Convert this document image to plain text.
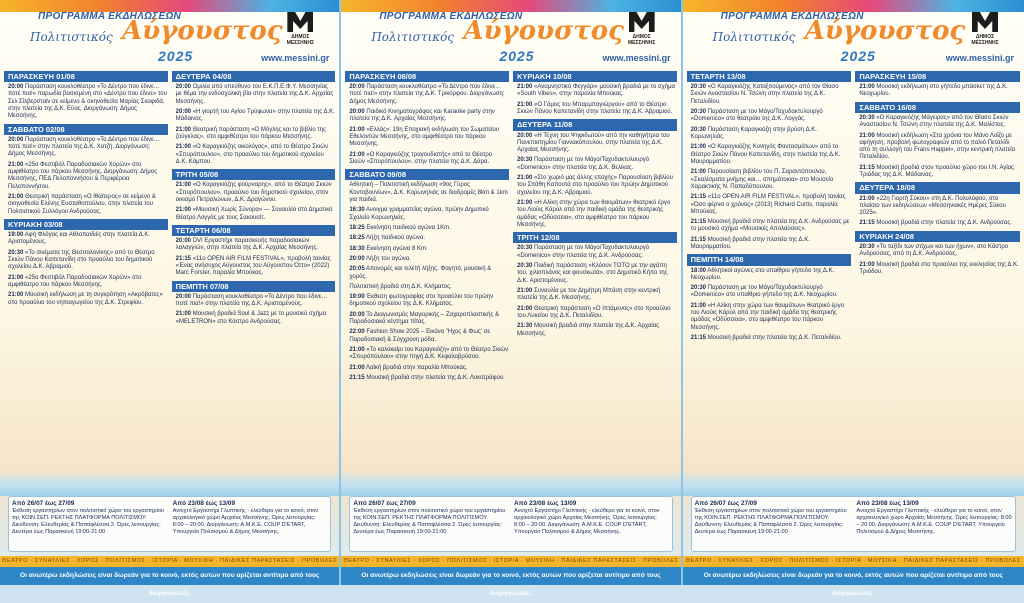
ΠΡΟΓΡΑΜΜΑ ΕΚΔΗΛΩΣΕΩΝ
Πολιτιστικός Αύγουστος
2025
ΔΗΜΟΣ ΜΕΣΣΗΝΗΣ
www.messini.gr
ΠΑΡΑΣΚΕΥΗ 01/08
20:00 Παράσταση κουκλοθέατρο «Το Δέντρο που έδινε… ποτέ πια!» παρωδία βασισμένη στο «Δέντρο που έδινε» του Σελ Σίλβερσταϊν σε κείμενο & σκηνοθεσία Μαρίας Σκαφιδά, στην πλατεία της Δ.Κ. Εύας. Διοργάνωση: Δήμος Μεσσήνης.
ΣΑΒΒΑΤΟ 02/08
20:00 Παράσταση κουκλοθέατρο «Το Δέντρο που έδινε… ποτέ πια!» στην πλατεία της Δ.Κ. Χατζή. Διοργάνωση: Δήμος Μεσσήνης.
21:00 «25ο Φεστιβάλ Παραδοσιακών Χορών» στο αμφιθέατρο του πάρκου Μεσσήνης. Διοργάνωση: Δήμος Μεσσήνης, ΠΕΔ Πελοποννήσου & Περιφέρεια Πελοποννήσου.
21:00 Θεατρική παράσταση «Ο Ιθαϊτερος» σε κείμενο & σκηνοθεσία Ελένης Ευσταθοπούλου, στην πλατεία του Πολιτιστικού Συλλόγου Ανδρούσας.
ΚΥΡΙΑΚΗ 03/08
19:00 Αφή Φλόγας και Αθλοπαιδιές στην πλατεία Δ.Κ. Αριστομένους.
20:30 «Το σινέματα της Θεσσαλονίκης» από το Θέατρο Σκιών Πάνου Καπετανίδη στο προαύλιο του δημοτικού σχολείου Δ.Κ. Αβραμιού.
21:00 «25ο Φεστιβάλ Παραδοσιακών Χορών» στο αμφιθέατρο του πάρκου Μεσσήνης.
21:00 Μουσική εκδήλωση με τη συγκρότηση «Ακρόβατες» στο προαύλιο του νηπιαγωγείου της Δ.Κ. Στρεφίου.
ΔΕΥΤΕΡΑ 04/08
20:00 Ομιλία από υπεύθυνο του Ε.Κ.Π.Ε.Φ.Υ. Μεσσηνίας με θέμα την ενδοσχολική βία στην πλατεία της Δ.Κ. Αρχαίας Μεσσήνης.
20:00 «Η γιορτή του Αγίου Τρύφωνα» στην πλατεία της Δ.Κ. Μάδαινας.
21:00 Θεατρική παράσταση «Ο Μόγλης και το βιβλίο της ζούγκλας», στο αμφιθέατρο του πάρκου Μεσσήνης.
21:00 «Ο Καραγκιόζης οικολόγος», από το Θέατρο Σκιών «Σπυρόπουλου», στο προαύλιο του δημοτικού σχολείου Δ.Κ. Κάμπου.
ΤΡΙΤΗ 05/08
21:00 «Ο Καραγκιόζης φούρναρης», από το Θέατρο Σκιών «Σπυρόπουλου», προαύλιο του δημοτικού σχολείου, στον οικισμό Πετραλώνων, Δ.Κ. Δραγώνου.
21:00 «Μουσική Χωρίς Σύνορα» — Συναυλία στο Δημοτικό Θέατρο Λογγάς με τους Σακουσίτ.
ΤΕΤΑΡΤΗ 06/08
20:00 DVI Εργαστήρι παρασκευής παραδοσιακών λαλαγγιών, στην πλατεία της Δ.Κ. Αρχαίας Μεσσήνης.
21:15 «11ο OPEN AIR FILM FESTIVAL», προβολή ταινίας «Ένας ανήσυχος Αύγουστος του Αύγουστου Όττο» (2022) Marc Forster, παραλία Μπούκας.
ΠΕΜΠΤΗ 07/08
20:00 Παράσταση κουκλοθέατρο «Το Δέντρο που έδινε… ποτέ πια!» στην πλατεία της Δ.Κ. Αριστομένους.
21:00 Μουσική βραδιά Soul & Jazz με το μουσικό σχήμα «MELETRON» στο Κάστρο Ανδρούσας.
Από 26/07 έως 27/09
Έκθεση εργαστηρίων στον πολιτιστικό χώρο του εργαστηρίου της ΚΟΙΝ.ΣΕΠ. ΡΕΚΤΗΣ ΠΛΑΤΦΟΡΜΑ ΠΟΛΙΤΙΣΜΟΥ. Διεύθυνση: Ελευθερίας & Παπαφλέσσα 2. Ώρες λειτουργίας: Δευτέρα έως Παρασκευή 19:00-21:00
Από 23/08 έως 13/09
Ανοιχτό Εργαστήρι Γλυπτικής - ελεύθερο για το κοινό, στον αρχαιολογικό χώρο Αρχαίας Μεσσήνης. Ώρες λειτουργίας: 8:00 – 20:00. Διοργάνωση: Α.Μ.Κ.Ε. COUP D'ETART, Υπουργείο Πολιτισμού & Δήμος Μεσσήνης.
ΘΕΑΤΡΟ · ΣΥΝΑΥΛΙΕΣ · ΧΟΡΟΣ · ΠΟΛΙΤΙΣΜΟΣ · ΙΣΤΟΡΙΑ · ΜΟΥΣΙΚΗ · ΠΑΙΔΙΚΕΣ ΠΑΡΑΣΤΑΣΕΙΣ · ΠΡΟΒΟΛΕΣ
Οι ανωτέρω εκδηλώσεις είναι δωρεάν για το κοινό, εκτός αυτών που αρίζεται αντίτιμο από τους διοργανωτές.
ΠΡΟΓΡΑΜΜΑ ΕΚΔΗΛΩΣΕΩΝ
Πολιτιστικός Αύγουστος
2025
ΔΗΜΟΣ ΜΕΣΣΗΝΗΣ
www.messini.gr
ΠΑΡΑΣΚΕΥΗ 08/08
20:00 Παράσταση κουκλοθέατρο «Το Δέντρο που έδινε… ποτέ πια!» στην πλατεία της Δ.Κ. Τρικόρφου. Διοργάνωση: Δήμος Μεσσήνης.
20:00 Παιδικό Κινηματογράφος και Karaoke party στην πλατεία της Δ.Κ. Αρχαίας Μεσσήνης.
21:00 «Ελλάς»: 19η Εποχιακή εκδήλωση του Σωματείου Εθελοντών Μεσσήνης, στο αμφιθέατρο του πάρκου Μεσσήνης.
21:00 «Ο Καραγκιόζης τραγουδιστής» από το Θέατρο Σκιών «Σπυρόπουλου», στην πλατεία της Δ.Κ. Δάρα.
ΣΑΒΒΑΤΟ 09/08
Αθλητική – Πολιτιστική εκδήλωση «9ος Γύρος Κοντοβουνίων», Δ.Κ. Κορωνηλιάς σε διαδρομές 8km & 1km για παιδιά.
16:30 Ανοιγμα γραμματείας αγώνα, πρώην Δημοτικό Σχολείο Κορωνηλιάς.
18:25 Εκκίνηση παιδικού αγώνα 1Km.
18:25 Λήξη παιδικού αγώνα.
18:30 Εκκίνηση αγώνα 8 Km.
20:00 Λήξη του αγώνα.
20:05 Απονομές και τελετή λήξης. Φαγητό, μουσική & χορός.
Πολιτιστική βραδιά στη Δ.Κ. Κλήματος.
19:00 Έκθεση φωτογραφίας στο προαύλιο του πρώην δημοτικού σχολείου της Δ.Κ. Κλήματος.
20:00 Το Διαγωνισμός Μαγειρικής – Ζαχαροπλαστικής & Παραδοσιακά κέντημα πίτας.
22:00 Fashion Show 2025 – Εικόνα 'Ήχος & Φως' σε Παραδοσιακή & Σύγχρονη μόδα.
21:00 «Το καλοκαίρι του Καραγκιόζη» από το Θέατρο Σκιών «Σπυρόπουλου» στην πηγή Δ.Κ. Κεφαλοβρύσου.
21:00 Λαϊκή βραδιά στην παραλία Μπούκας.
21:15 Μουσική βραδιά στην πλατεία της Δ.Κ. Λυκοτράφου.
ΚΥΡΙΑΚΗ 10/08
21:00 «Αναμνηστικό Φεγγάρι» μουσική βραδιά με το σχήμα «South Vibes», στην παραλία Μπούκας.
21:00 «Ο Γάμος του Μπαρμπαγιώργου» από το Θέατρο Σκιών Πάνου Καπετανίδη στην πλατεία της Δ.Κ. Αβραμιού.
ΔΕΥΤΕΡΑ 11/08
20:00 «Η Τέχνη του Ψηφιδωτού» από την καθηγήτρια του Πανεπιστημίου Γιαννακόπουλου, στην πλατεία της Δ.Κ. Αρχαίας Μεσσήνης.
20:30 Παράσταση με τον Μάγο/Ταχυδακτυλουργό «Domenico» στην πλατεία της Δ.Κ. Βελίκας.
21:00 «Στο χωριό μας άλλης εποχής» Παρουσίαση βιβλίου του Σπάθη Καπουτά στο προαύλιο του πρώην Δημοτικού σχολείου της Δ.Κ. Αβραμιού.
21:00 «Η Αλίκη στην χώρα των θαυμάτων» θεατρικό έργο του Λιούις Κάρολ από την παιδική ομάδα της θεατρικής ομάδας «Οδύσσεια», στο αμφιθέατρο του πάρκου Μεσσήνης.
ΤΡΙΤΗ 12/08
20:30 Παράσταση με τον Μάγο/Ταχυδακτυλουργό «Domenico» στην πλατεία της Δ.Κ. Ανδρούσας.
20:30 Παιδική παράσταση «Κλόουν ΤΟΤΟ με την αγάπη του, χιλιοπλάνος και φουσκωτά», στο Δημοτικό Κήπο της Δ.Κ. Αριστομένους.
21:00 Συναυλία με τον Δημήτρη Μπάση στην κεντρική πλατεία της Δ.Κ. Μεσσήνης.
21:00 Θεατρική παράσταση «Ο Ιπτάμενος» στο προαύλιο του Λυκείου της Δ.Κ. Πεταλιδίου.
21:30 Μουσική βραδιά στην πλατεία της Δ.Κ. Αρχαίας Μεσσήνης.
Από 26/07 έως 27/09
Έκθεση εργαστηρίων στον πολιτιστικό χώρο του εργαστηρίου της ΚΟΙΝ.ΣΕΠ. ΡΕΚΤΗΣ ΠΛΑΤΦΟΡΜΑ ΠΟΛΙΤΙΣΜΟΥ. Διεύθυνση: Ελευθερίας & Παπαφλέσσα 2. Ώρες λειτουργίας: Δευτέρα έως Παρασκευή 19:00-21:00
Από 23/08 έως 13/09
Ανοιχτό Εργαστήρι Γλυπτικής - ελεύθερο για το κοινό, στον αρχαιολογικό χώρο Αρχαίας Μεσσήνης. Ώρες λειτουργίας: 8:00 – 20:00. Διοργάνωση: Α.Μ.Κ.Ε. COUP D'ETART, Υπουργείο Πολιτισμού & Δήμος Μεσσήνης.
ΘΕΑΤΡΟ · ΣΥΝΑΥΛΙΕΣ · ΧΟΡΟΣ · ΠΟΛΙΤΙΣΜΟΣ · ΙΣΤΟΡΙΑ · ΜΟΥΣΙΚΗ · ΠΑΙΔΙΚΕΣ ΠΑΡΑΣΤΑΣΕΙΣ · ΠΡΟΒΟΛΕΣ
Οι ανωτέρω εκδηλώσεις είναι δωρεάν για το κοινό, εκτός αυτών που αρίζεται αντίτιμο από τους διοργανωτές.
ΠΡΟΓΡΑΜΜΑ ΕΚΔΗΛΩΣΕΩΝ
Πολιτιστικός Αύγουστος
2025
ΔΗΜΟΣ ΜΕΣΣΗΝΗΣ
www.messini.gr
ΤΕΤΑΡΤΗ 13/08
20:30 «Ο Καραγκιόζης Καταξιτούμενος» από τον Θίασο Σκιών Αναστασίου Ν. Τσώνη στην πλατεία της Δ.Κ. Πεταλιδίου.
20:30 Παράσταση με τον Μάγο/Ταχυδακτυλουργό «Domenico» στο θεατράκι της Δ.Κ. Λογγάς.
20:30 Παράσταση Καραγκιόζη στην βρύση Δ.Κ. Κορωνηλιάς.
21:00 «Ο Καραγκιόζης Κυνηγός Φαντασμάτων» από το Θέατρο Σκιών Πάνου Καπετανίδη, στην πλατεία της Δ.Κ. Μαυρομματίου.
21:00 Παρουσίαση βιβλίου του Π. Σαραντόπουλου, «Σκαλίσματα μνήμης και… σπημάτοκια» στο Μουσείο Χαρακτικής Ν. Παπαδόπουλου.
21:15 «11ο OPEN AIR FILM FESTIVAL», προβολή ταινίας «Όσο φέρνει ο χρόνος» (2013) Richard Curtis, παραλία Μπούκας.
21:15 Μουσική βραδιά στην πλατεία της Δ.Κ. Ανδρούσας με το μουσικό σχήμα «Μουσικές Απολαύσεις».
21:15 Μουσική βραδιά στην πλατεία της Δ.Κ. Μαυρομματίου.
ΠΕΜΠΤΗ 14/08
18:00 Αθλητικοί αγώνες στο υπαίθριο γήπεδο της Δ.Κ. Νεοχωρίου.
20:30 Παράσταση με τον Μάγο/Ταχυδακτυλουργό «Domenico» στο υπαίθριο γήπεδο της Δ.Κ. Νεοχωρίου.
21:00 «Η Αλίκη στην χώρα των θαυμάτων» θεατρικό έργο του Λιούις Κάρολ από την παιδική ομάδα της θεατρικής ομάδας «Οδύσσεια», στο αμφιθέατρο του πάρκου Μεσσήνης.
21:15 Μουσική βραδιά στην πλατεία της Δ.Κ. Πεταλιδίου.
ΠΑΡΑΣΚΕΥΗ 15/08
21:00 Μουσική εκδήλωση στο γήπεδο μπάσκετ της Δ.Κ. Νεοχωρίου.
ΣΑΒΒΑΤΟ 16/08
20:30 «Ο Καραγκιόζης Μάγειρας» από τον Θίασο Σκιών Αναστασίου Ν. Τσώνη στην πλατεία της Δ.Κ. Μαλίστας.
21:00 Μουσική εκδήλωση «Στα χρόνια του Μάνο Λοΐζο με αφήγηση, προβολή φωτογραφιών από το παλιό Πεταλίδι από τη συλλογή του Frans Happel», στην κεντρική πλατεία Πεταλιδίου.
21:15 Μουσική βραδιά στον προαύλιο χώρο του Ι.Ν. Αγίας Τριάδας της Δ.Κ. Μάδαινας.
ΔΕΥΤΕΡΑ 18/08
21:00 «22η Γιορτή Σύκου» στη Δ.Κ. Πολυλόφου, στο πλαίσιο των εκδηλώσεων «Μεσσηνιακές Ημέρες Σύκου 2025».
21:15 Μουσική βραδιά στην πλατεία της Δ.Κ. Ανδρούσας.
ΚΥΡΙΑΚΗ 24/08
20:30 «Το ταξίδι των στίχων και των ήχων», στο Κάστρο Ανδρούσας, από τη Δ.Κ. Ανδρούσας.
21:00 Μουσική βραδιά στο προαύλιο της εκκλησίας της Δ.Κ. Τριόδου.
Από 26/07 έως 27/09
Έκθεση εργαστηρίων στον πολιτιστικό χώρο του εργαστηρίου της ΚΟΙΝ.ΣΕΠ. ΡΕΚΤΗΣ ΠΛΑΤΦΟΡΜΑ ΠΟΛΙΤΙΣΜΟΥ. Διεύθυνση: Ελευθερίας & Παπαφλέσσα 2. Ώρες λειτουργίας: Δευτέρα έως Παρασκευή 19:00-21:00
Από 23/08 έως 13/09
Ανοιχτό Εργαστήρι Γλυπτικής - ελεύθερο για το κοινό, στον αρχαιολογικό χώρο Αρχαίας Μεσσήνης. Ώρες λειτουργίας: 8:00 – 20:00. Διοργάνωση: Α.Μ.Κ.Ε. COUP D'ETART, Υπουργείο Πολιτισμού & Δήμος Μεσσήνης.
ΘΕΑΤΡΟ · ΣΥΝΑΥΛΙΕΣ · ΧΟΡΟΣ · ΠΟΛΙΤΙΣΜΟΣ · ΙΣΤΟΡΙΑ · ΜΟΥΣΙΚΗ · ΠΑΙΔΙΚΕΣ ΠΑΡΑΣΤΑΣΕΙΣ · ΠΡΟΒΟΛΕΣ
Οι ανωτέρω εκδηλώσεις είναι δωρεάν για το κοινό, εκτός αυτών που αρίζεται αντίτιμο από τους διοργανωτές.
